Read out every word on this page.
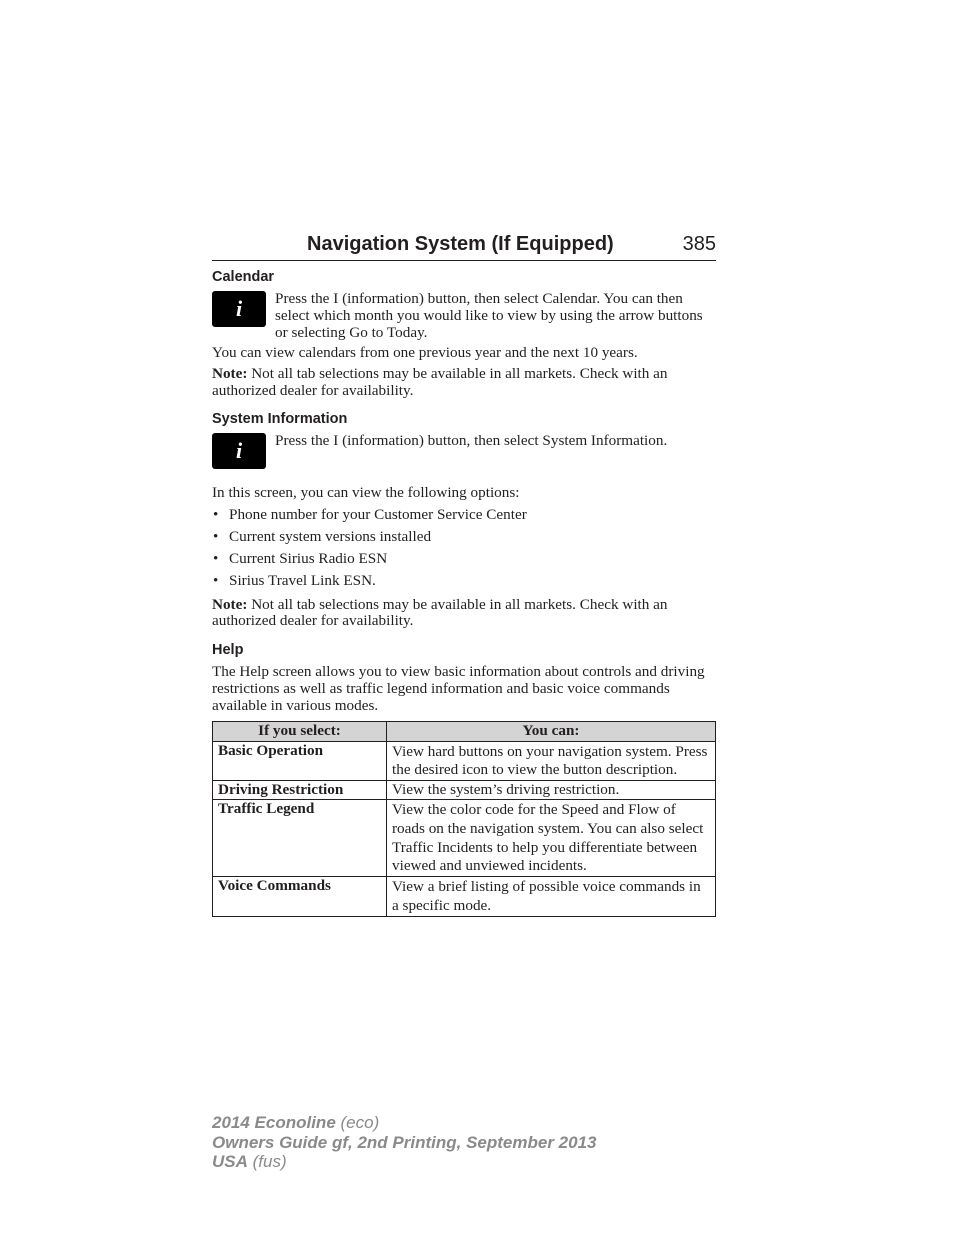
Navigation System (If Equipped)	385
Calendar
i	Press the I (information) button, then select Calendar. You can then select which month you would like to view by using the arrow buttons or selecting Go to Today.

You can view calendars from one previous year and the next 10 years.

Note: Not all tab selections may be available in all markets. Check with an authorized dealer for availability.

System Information
i	Press the I (information) button, then select System Information.

In this screen, you can view the following options:

• Phone number for your Customer Service Center
• Current system versions installed
• Current Sirius Radio ESN
• Sirius Travel Link ESN.

Note: Not all tab selections may be available in all markets. Check with an authorized dealer for availability.

Help

The Help screen allows you to view basic information about controls and driving restrictions as well as traffic legend information and basic voice commands available in various modes.

If you select:	You can:
Basic Operation	View hard buttons on your navigation system. Press the desired icon to view the button description.
Driving Restriction	View the system’s driving restriction.
Traffic Legend	View the color code for the Speed and Flow of roads on the navigation system. You can also select Traffic Incidents to help you differentiate between viewed and unviewed incidents.
Voice Commands	View a brief listing of possible voice commands in a specific mode.
2014 Econoline (eco)
Owners Guide gf, 2nd Printing, September 2013
USA (fus)
